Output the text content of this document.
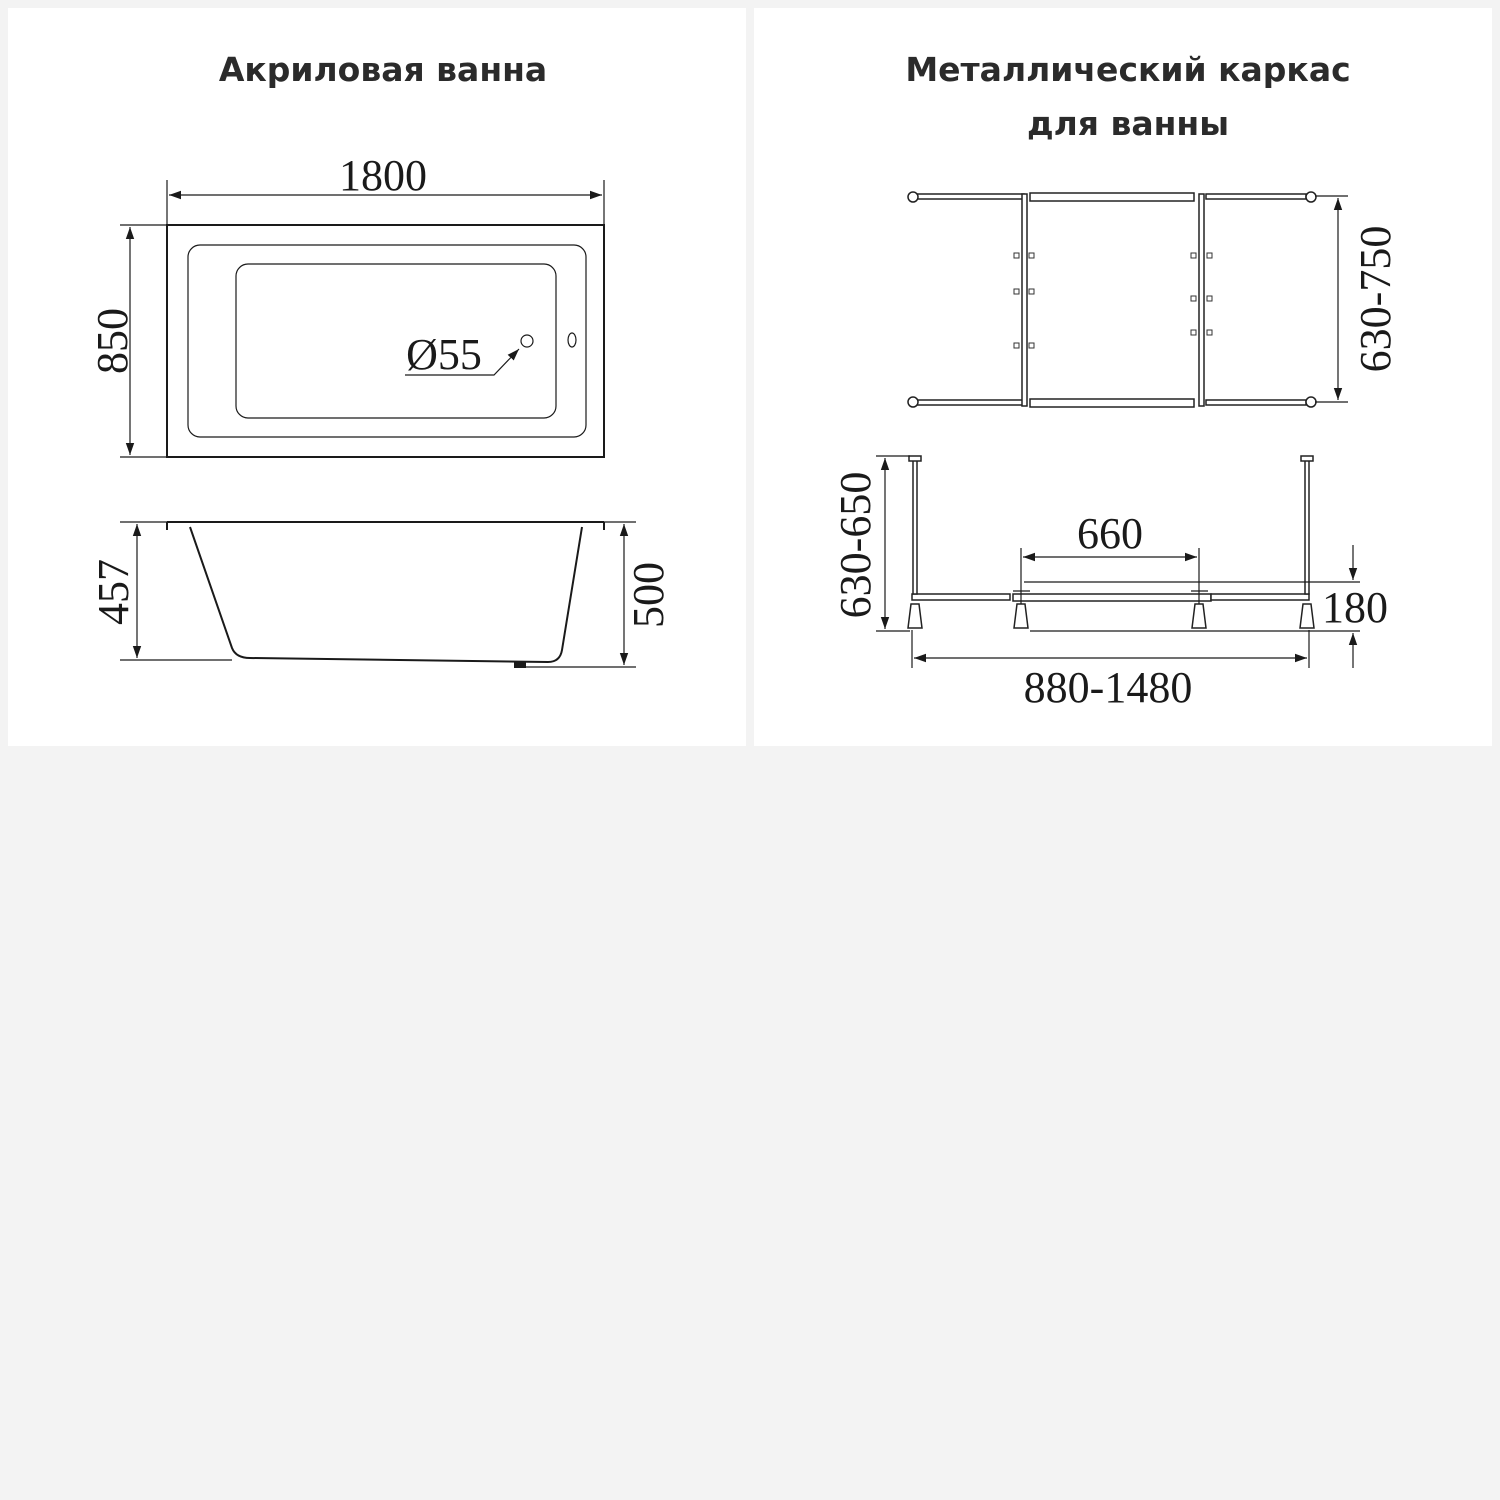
Акриловая ванна
Ø55
1800
850
457	500
Металлический каркас
для ванны
630-750
660
880-1480
630-650	180
